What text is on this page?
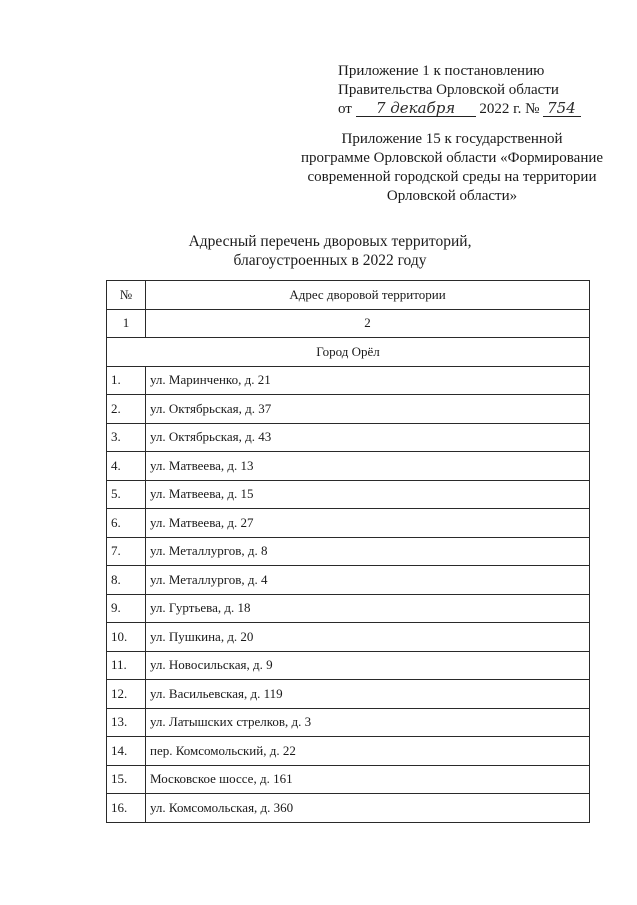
Приложение 1 к постановлению
Правительства Орловской области
от 7 декабря 2022 г. № 754
Приложение 15 к государственной
программе Орловской области «Формирование
современной городской среды на территории
Орловской области»
Адресный перечень дворовых территорий,
благоустроенных в 2022 году
№	Адрес дворовой территории
1	2
Город Орёл	
1.	ул. Маринченко, д. 21
2.	ул. Октябрьская, д. 37
3.	ул. Октябрьская, д. 43
4.	ул. Матвеева, д. 13
5.	ул. Матвеева, д. 15
6.	ул. Матвеева, д. 27
7.	ул. Металлургов, д. 8
8.	ул. Металлургов, д. 4
9.	ул. Гуртьева, д. 18
10.	ул. Пушкина, д. 20
11.	ул. Новосильская, д. 9
12.	ул. Васильевская, д. 119
13.	ул. Латышских стрелков, д. 3
14.	пер. Комсомольский, д. 22
15.	Московское шоссе, д. 161
16.	ул. Комсомольская, д. 360
